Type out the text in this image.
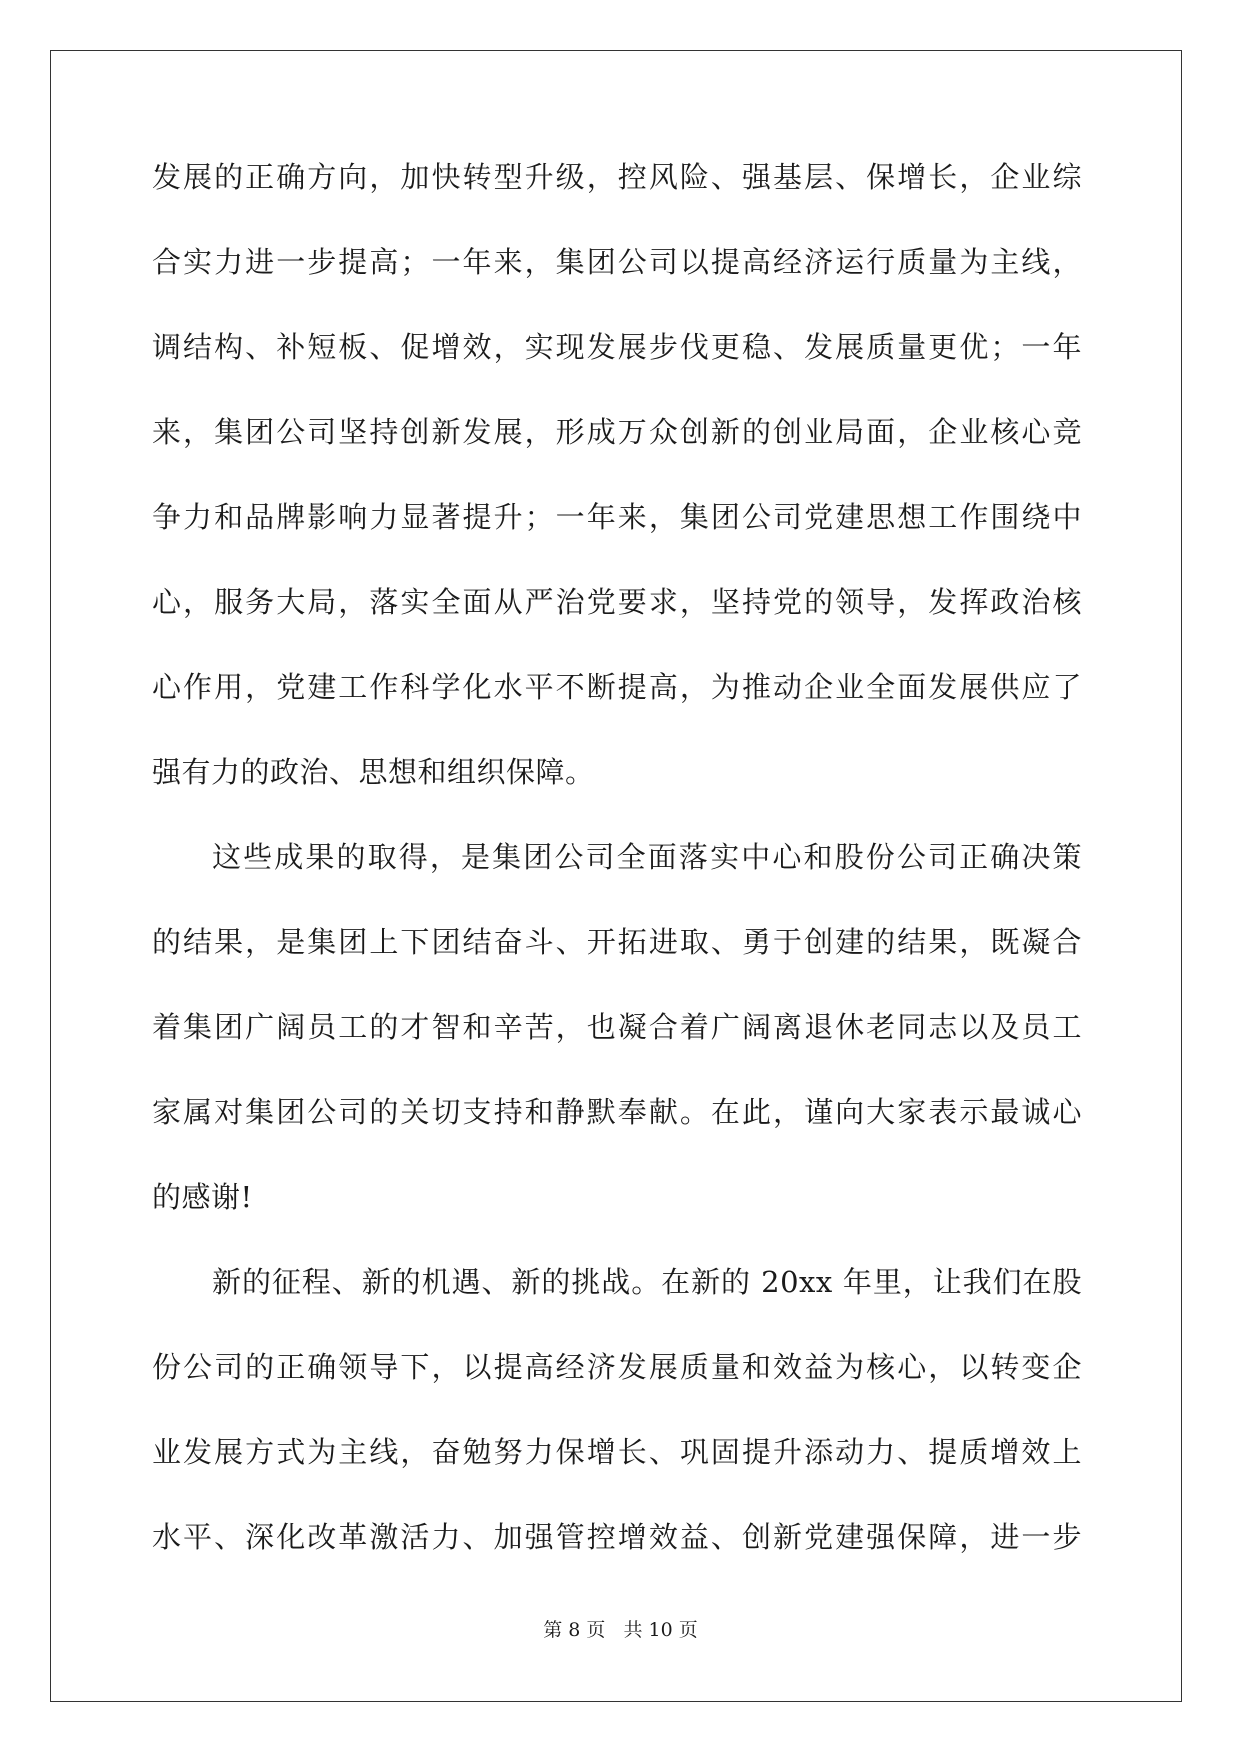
发展的正确方向，加快转型升级，控风险、强基层、保增长，企业综
合实力进一步提高；一年来，集团公司以提高经济运行质量为主线，
调结构、补短板、促增效，实现发展步伐更稳、发展质量更优；一年
来，集团公司坚持创新发展，形成万众创新的创业局面，企业核心竞
争力和品牌影响力显著提升；一年来，集团公司党建思想工作围绕中
心，服务大局，落实全面从严治党要求，坚持党的领导，发挥政治核
心作用，党建工作科学化水平不断提高，为推动企业全面发展供应了
强有力的政治、思想和组织保障。
这些成果的取得，是集团公司全面落实中心和股份公司正确决策
的结果，是集团上下团结奋斗、开拓进取、勇于创建的结果，既凝合
着集团广阔员工的才智和辛苦，也凝合着广阔离退休老同志以及员工
家属对集团公司的关切支持和静默奉献。在此，谨向大家表示最诚心
的感谢!
新的征程、新的机遇、新的挑战。在新的 20xx 年里，让我们在股
份公司的正确领导下，以提高经济发展质量和效益为核心，以转变企
业发展方式为主线，奋勉努力保增长、巩固提升添动力、提质增效上
水平、深化改革激活力、加强管控增效益、创新党建强保障，进一步
第 8 页 共 10 页
